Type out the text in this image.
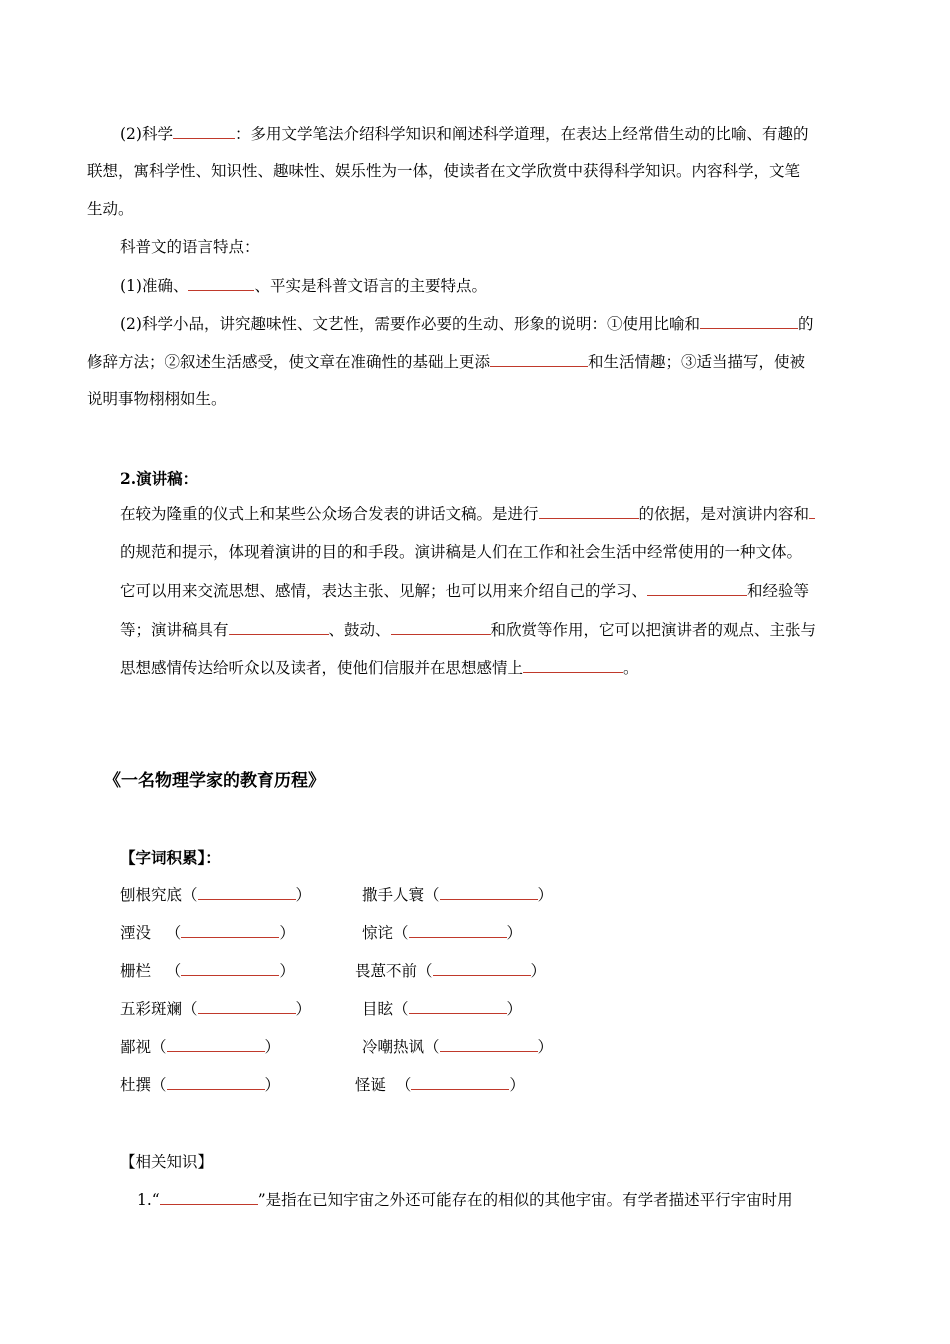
(2)科学	：多用文学笔法介绍科学知识和阐述科学道理，在表达上经常借生动的比喻、有趣的
联想，寓科学性、知识性、趣味性、娱乐性为一体，使读者在文学欣赏中获得科学知识。内容科学，文笔
生动。
科普文的语言特点：
(1)准确、	、平实是科普文语言的主要特点。
(2)科学小品，讲究趣味性、文艺性，需要作必要的生动、形象的说明：①使用比喻和	的
修辞方法；②叙述生活感受，使文章在准确性的基础上更添	和生活情趣；③适当描写，使被
说明事物栩栩如生。
2.演讲稿：
在较为隆重的仪式上和某些公众场合发表的讲话文稿。是进行	的依据，是对演讲内容和
的规范和提示，体现着演讲的目的和手段。演讲稿是人们在工作和社会生活中经常使用的一种文体。
它可以用来交流思想、感情，表达主张、见解；也可以用来介绍自己的学习、	和经验等
等；演讲稿具有	、鼓动、	和欣赏等作用，它可以把演讲者的观点、主张与
思想感情传达给听众以及读者，使他们信服并在思想感情上	。
《一名物理学家的教育历程》
【字词积累】：
刨根究底（	）	撒手人寰（	）
湮没 （	）	惊诧（	）
栅栏 （	）	畏葸不前（	）
五彩斑斓（	）	目眩（	）
鄙视（	）	冷嘲热讽（	）
杜撰（	）	怪诞 （	）
【相关知识】
1.“	”是指在已知宇宙之外还可能存在的相似的其他宇宙。有学者描述平行宇宙时用
